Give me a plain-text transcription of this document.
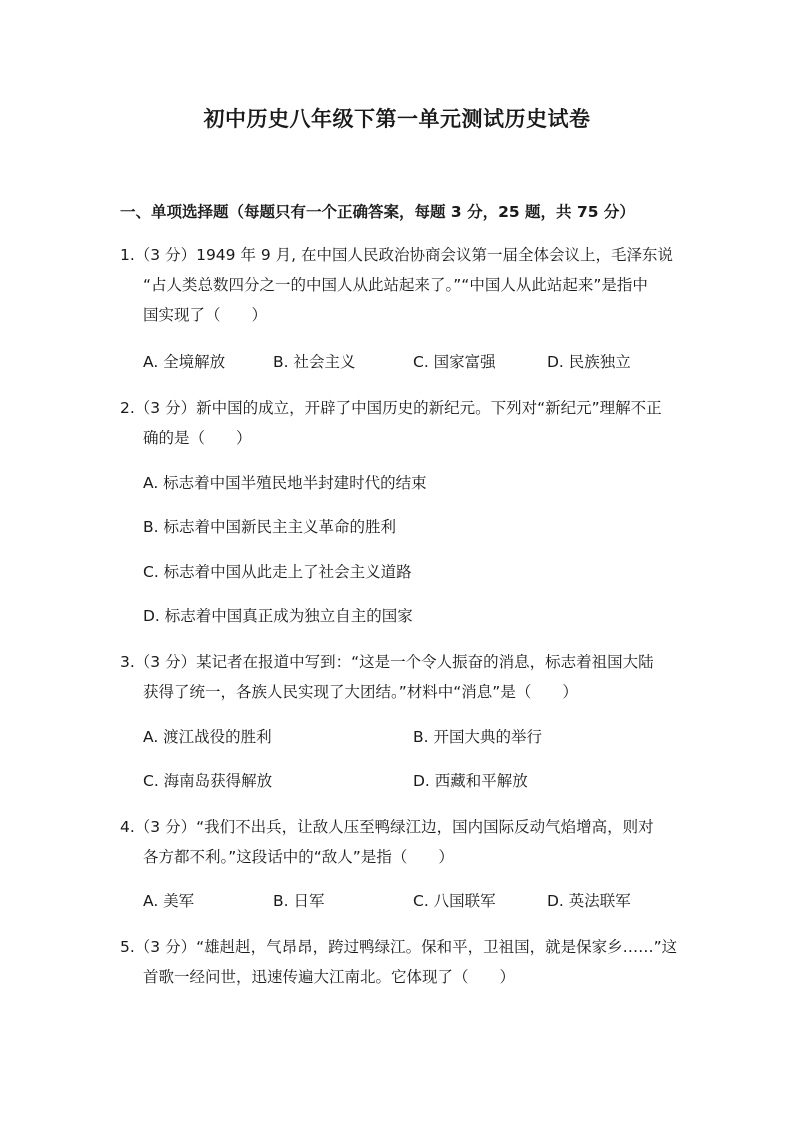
初中历史八年级下第一单元测试历史试卷
一、单项选择题（每题只有一个正确答案，每题 3 分，25 题，共 75 分）
1.（3 分）1949 年 9 月, 在中国人民政治协商会议第一届全体会议上，毛泽东说
“占人类总数四分之一的中国人从此站起来了。”“中国人从此站起来”是指中
国实现了（　　）
A. 全境解放	B. 社会主义	C. 国家富强	D. 民族独立
2.（3 分）新中国的成立，开辟了中国历史的新纪元。下列对“新纪元”理解不正
确的是（　　）
A. 标志着中国半殖民地半封建时代的结束
B. 标志着中国新民主主义革命的胜利
C. 标志着中国从此走上了社会主义道路
D. 标志着中国真正成为独立自主的国家
3.（3 分）某记者在报道中写到：“这是一个令人振奋的消息，标志着祖国大陆
获得了统一，各族人民实现了大团结。”材料中“消息”是（　　）
A. 渡江战役的胜利	B. 开国大典的举行
C. 海南岛获得解放	D. 西藏和平解放
4.（3 分）“我们不出兵，让敌人压至鸭绿江边，国内国际反动气焰增高，则对
各方都不利。”这段话中的“敌人”是指（　　）
A. 美军	B. 日军	C. 八国联军	D. 英法联军
5.（3 分）“雄赳赳，气昂昂，跨过鸭绿江。保和平，卫祖国，就是保家乡……”这
首歌一经问世，迅速传遍大江南北。它体现了（　　）
